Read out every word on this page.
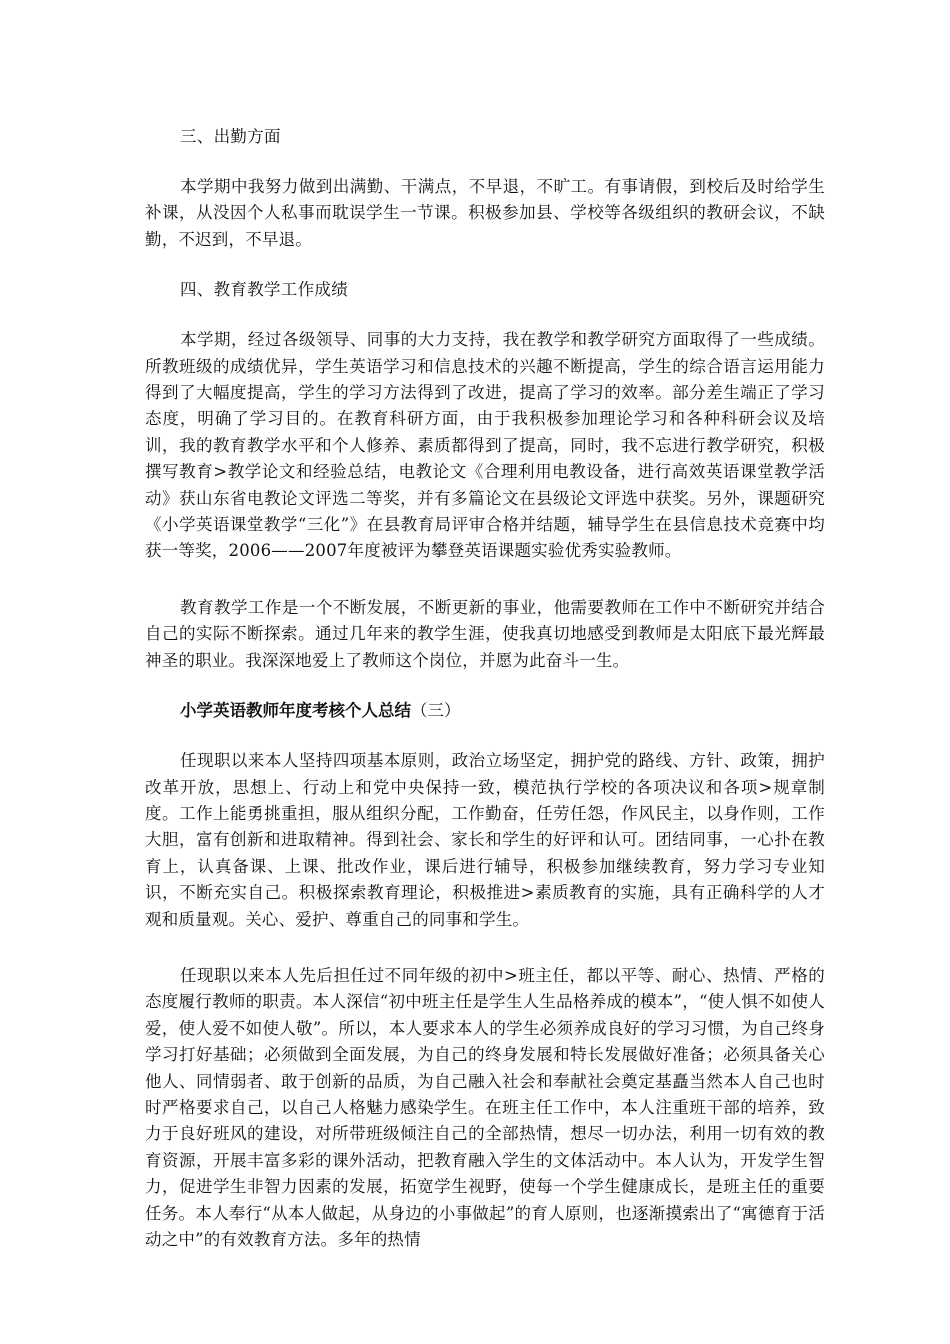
三、出勤方面

本学期中我努力做到出满勤、干满点，不早退，不旷工。有事请假，到校后及时给学生补课，从没因个人私事而耽误学生一节课。积极参加县、学校等各级组织的教研会议，不缺勤，不迟到，不早退。

四、教育教学工作成绩

本学期，经过各级领导、同事的大力支持，我在教学和教学研究方面取得了一些成绩。所教班级的成绩优异，学生英语学习和信息技术的兴趣不断提高，学生的综合语言运用能力得到了大幅度提高，学生的学习方法得到了改进，提高了学习的效率。部分差生端正了学习态度，明确了学习目的。在教育科研方面，由于我积极参加理论学习和各种科研会议及培训，我的教育教学水平和个人修养、素质都得到了提高，同时，我不忘进行教学研究，积极撰写教育>教学论文和经验总结，电教论文《合理利用电教设备，进行高效英语课堂教学活动》获山东省电教论文评选二等奖，并有多篇论文在县级论文评选中获奖。另外，课题研究《小学英语课堂教学“三化”》在县教育局评审合格并结题，辅导学生在县信息技术竞赛中均获一等奖，2006——2007年度被评为攀登英语课题实验优秀实验教师。

教育教学工作是一个不断发展，不断更新的事业，他需要教师在工作中不断研究并结合自己的实际不断探索。通过几年来的教学生涯，使我真切地感受到教师是太阳底下最光辉最神圣的职业。我深深地爱上了教师这个岗位，并愿为此奋斗一生。

小学英语教师年度考核个人总结（三）

任现职以来本人坚持四项基本原则，政治立场坚定，拥护党的路线、方针、政策，拥护改革开放，思想上、行动上和党中央保持一致，模范执行学校的各项决议和各项>规章制度。工作上能勇挑重担，服从组织分配，工作勤奋，任劳任怨，作风民主，以身作则，工作大胆，富有创新和进取精神。得到社会、家长和学生的好评和认可。团结同事，一心扑在教育上，认真备课、上课、批改作业，课后进行辅导，积极参加继续教育，努力学习专业知识，不断充实自己。积极探索教育理论，积极推进>素质教育的实施，具有正确科学的人才观和质量观。关心、爱护、尊重自己的同事和学生。

任现职以来本人先后担任过不同年级的初中>班主任，都以平等、耐心、热情、严格的态度履行教师的职责。本人深信“初中班主任是学生人生品格养成的模本”，“使人惧不如使人爱，使人爱不如使人敬”。所以，本人要求本人的学生必须养成良好的学习习惯，为自己终身学习打好基础；必须做到全面发展，为自己的终身发展和特长发展做好准备；必须具备关心他人、同情弱者、敢于创新的品质，为自己融入社会和奉献社会奠定基矗当然本人自己也时时严格要求自己，以自己人格魅力感染学生。在班主任工作中，本人注重班干部的培养，致力于良好班风的建设，对所带班级倾注自己的全部热情，想尽一切办法，利用一切有效的教育资源，开展丰富多彩的课外活动，把教育融入学生的文体活动中。本人认为，开发学生智力，促进学生非智力因素的发展，拓宽学生视野，使每一个学生健康成长，是班主任的重要任务。本人奉行“从本人做起，从身边的小事做起”的育人原则，也逐渐摸索出了“寓德育于活动之中”的有效教育方法。多年的热情
